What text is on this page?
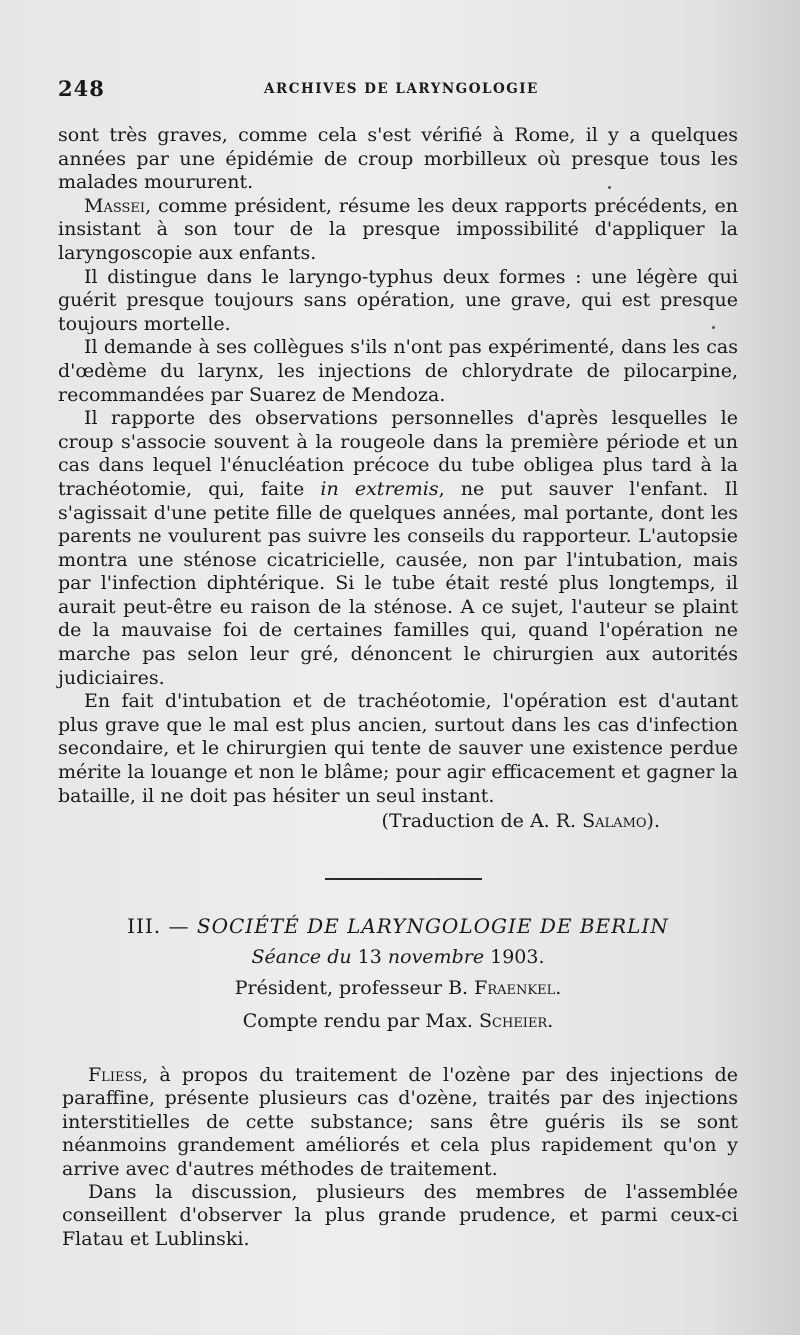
248	ARCHIVES DE LARYNGOLOGIE

sont très graves, comme cela s'est vérifié à Rome, il y a quelques années par une épidémie de croup morbilleux où presque tous les malades moururent.

Massei, comme président, résume les deux rapports précédents, en insistant à son tour de la presque impossibilité d'appliquer la laryngoscopie aux enfants.

Il distingue dans le laryngo-typhus deux formes : une légère qui guérit presque toujours sans opération, une grave, qui est presque toujours mortelle.

Il demande à ses collègues s'ils n'ont pas expérimenté, dans les cas d'œdème du larynx, les injections de chlorydrate de pilocarpine, recommandées par Suarez de Mendoza.

Il rapporte des observations personnelles d'après lesquelles le croup s'associe souvent à la rougeole dans la première période et un cas dans lequel l'énucléation précoce du tube obligea plus tard à la trachéotomie, qui, faite in extremis, ne put sauver l'enfant. Il s'agissait d'une petite fille de quelques années, mal portante, dont les parents ne voulurent pas suivre les conseils du rapporteur. L'autopsie montra une sténose cicatricielle, causée, non par l'intubation, mais par l'infection diphtérique. Si le tube était resté plus longtemps, il aurait peut-être eu raison de la sténose. A ce sujet, l'auteur se plaint de la mauvaise foi de certaines familles qui, quand l'opération ne marche pas selon leur gré, dénoncent le chirurgien aux autorités judiciaires.

En fait d'intubation et de trachéotomie, l'opération est d'autant plus grave que le mal est plus ancien, surtout dans les cas d'infection secondaire, et le chirurgien qui tente de sauver une existence perdue mérite la louange et non le blâme; pour agir efficacement et gagner la bataille, il ne doit pas hésiter un seul instant.

(Traduction de A. R. Salamo).

III. — SOCIÉTÉ DE LARYNGOLOGIE DE BERLIN
Séance du 13 novembre 1903.
Président, professeur B. Fraenkel.
Compte rendu par Max. Scheier.

Fliess, à propos du traitement de l'ozène par des injections de paraffine, présente plusieurs cas d'ozène, traités par des injections interstitielles de cette substance; sans être guéris ils se sont néanmoins grandement améliorés et cela plus rapidement qu'on y arrive avec d'autres méthodes de traitement.

Dans la discussion, plusieurs des membres de l'assemblée conseillent d'observer la plus grande prudence, et parmi ceux-ci Flatau et Lublinski.
